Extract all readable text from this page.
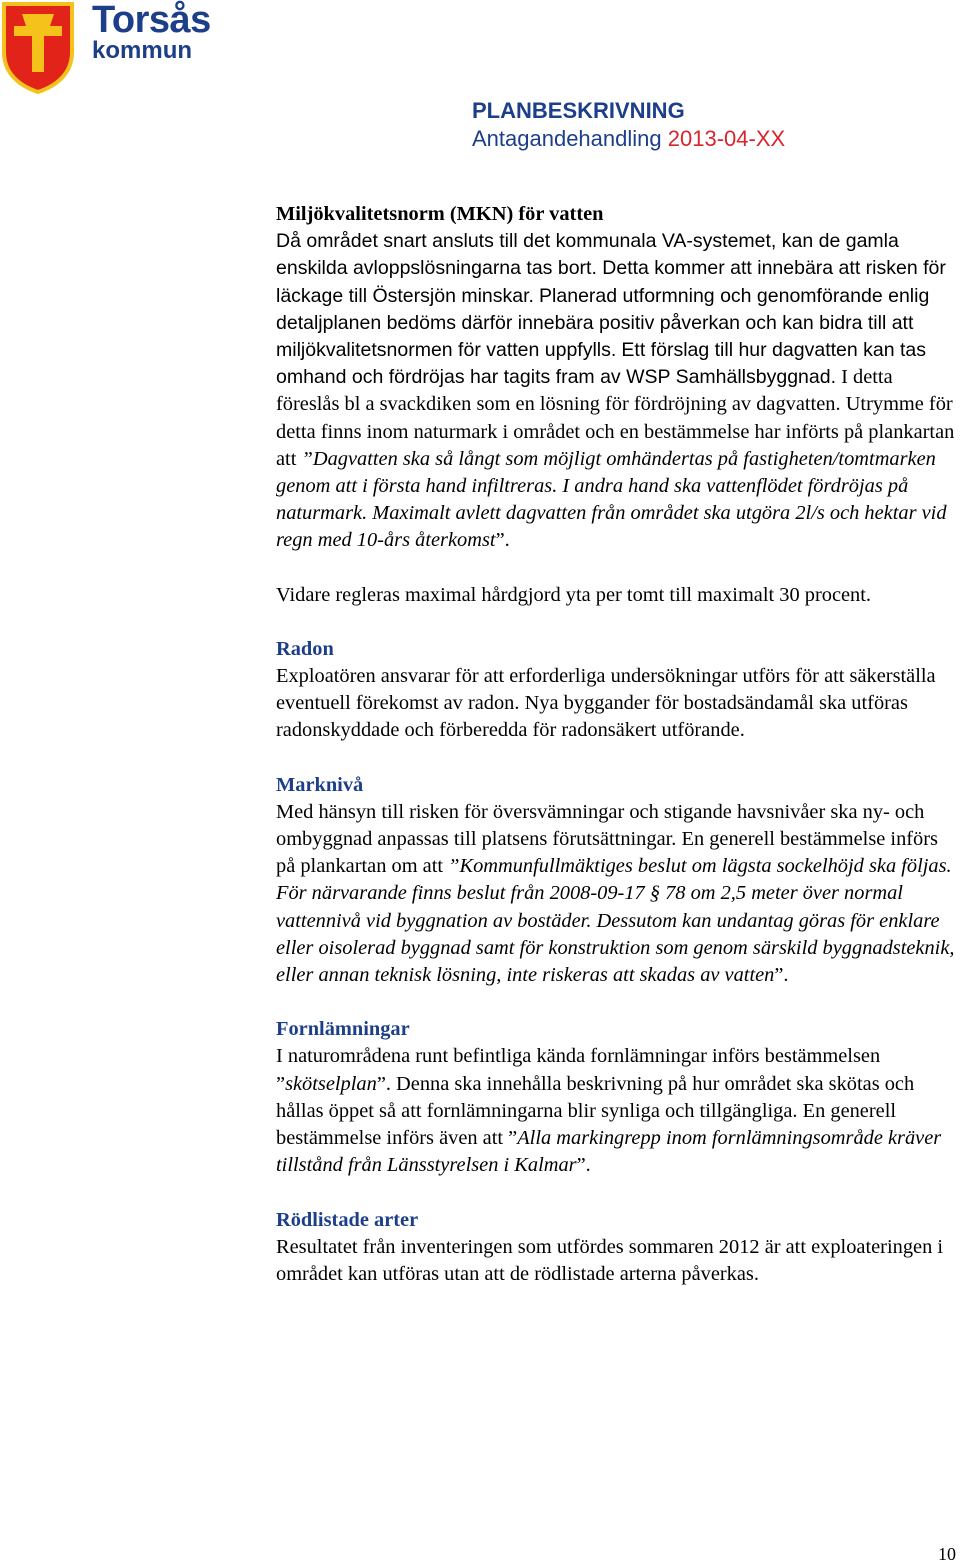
Torsås
kommun
PLANBESKRIVNING
Antagandehandling 2013-04-XX

Miljökvalitetsnorm (MKN) för vatten

Då området snart ansluts till det kommunala VA-systemet, kan de gamla enskilda avloppslösningarna tas bort. Detta kommer att innebära att risken för läckage till Östersjön minskar. Planerad utformning och genomförande enlig detaljplanen bedöms därför innebära positiv påverkan och kan bidra till att miljökvalitetsnormen för vatten uppfylls. Ett förslag till hur dagvatten kan tas omhand och fördröjas har tagits fram av WSP Samhällsbyggnad. I detta föreslås bl a svackdiken som en lösning för fördröjning av dagvatten. Utrymme för detta finns inom naturmark i området och en bestämmelse har införts på plankartan att ”Dagvatten ska så långt som möjligt omhändertas på fastigheten/tomtmarken genom att i första hand infiltreras. I andra hand ska vattenflödet fördröjas på naturmark. Maximalt avlett dagvatten från området ska utgöra 2l/s och hektar vid regn med 10-års återkomst”.

Vidare regleras maximal hårdgjord yta per tomt till maximalt 30 procent.

Radon

Exploatören ansvarar för att erforderliga undersökningar utförs för att säkerställa eventuell förekomst av radon. Nya byggander för bostadsändamål ska utföras radonskyddade och förberedda för radonsäkert utförande.

Marknivå

Med hänsyn till risken för översvämningar och stigande havsnivåer ska ny- och ombyggnad anpassas till platsens förutsättningar. En generell bestämmelse införs på plankartan om att ”Kommunfullmäktiges beslut om lägsta sockelhöjd ska följas. För närvarande finns beslut från 2008-09-17 § 78 om 2,5 meter över normal vattennivå vid byggnation av bostäder. Dessutom kan undantag göras för enklare eller oisolerad byggnad samt för konstruktion som genom särskild byggnadsteknik, eller annan teknisk lösning, inte riskeras att skadas av vatten”.

Fornlämningar

I naturområdena runt befintliga kända fornlämningar införs bestämmelsen ”skötselplan”. Denna ska innehålla beskrivning på hur området ska skötas och hållas öppet så att fornlämningarna blir synliga och tillgängliga. En generell bestämmelse införs även att ”Alla markingrepp inom fornlämningsområde kräver tillstånd från Länsstyrelsen i Kalmar”.

Rödlistade arter

Resultatet från inventeringen som utfördes sommaren 2012 är att exploateringen i området kan utföras utan att de rödlistade arterna påverkas.

10
